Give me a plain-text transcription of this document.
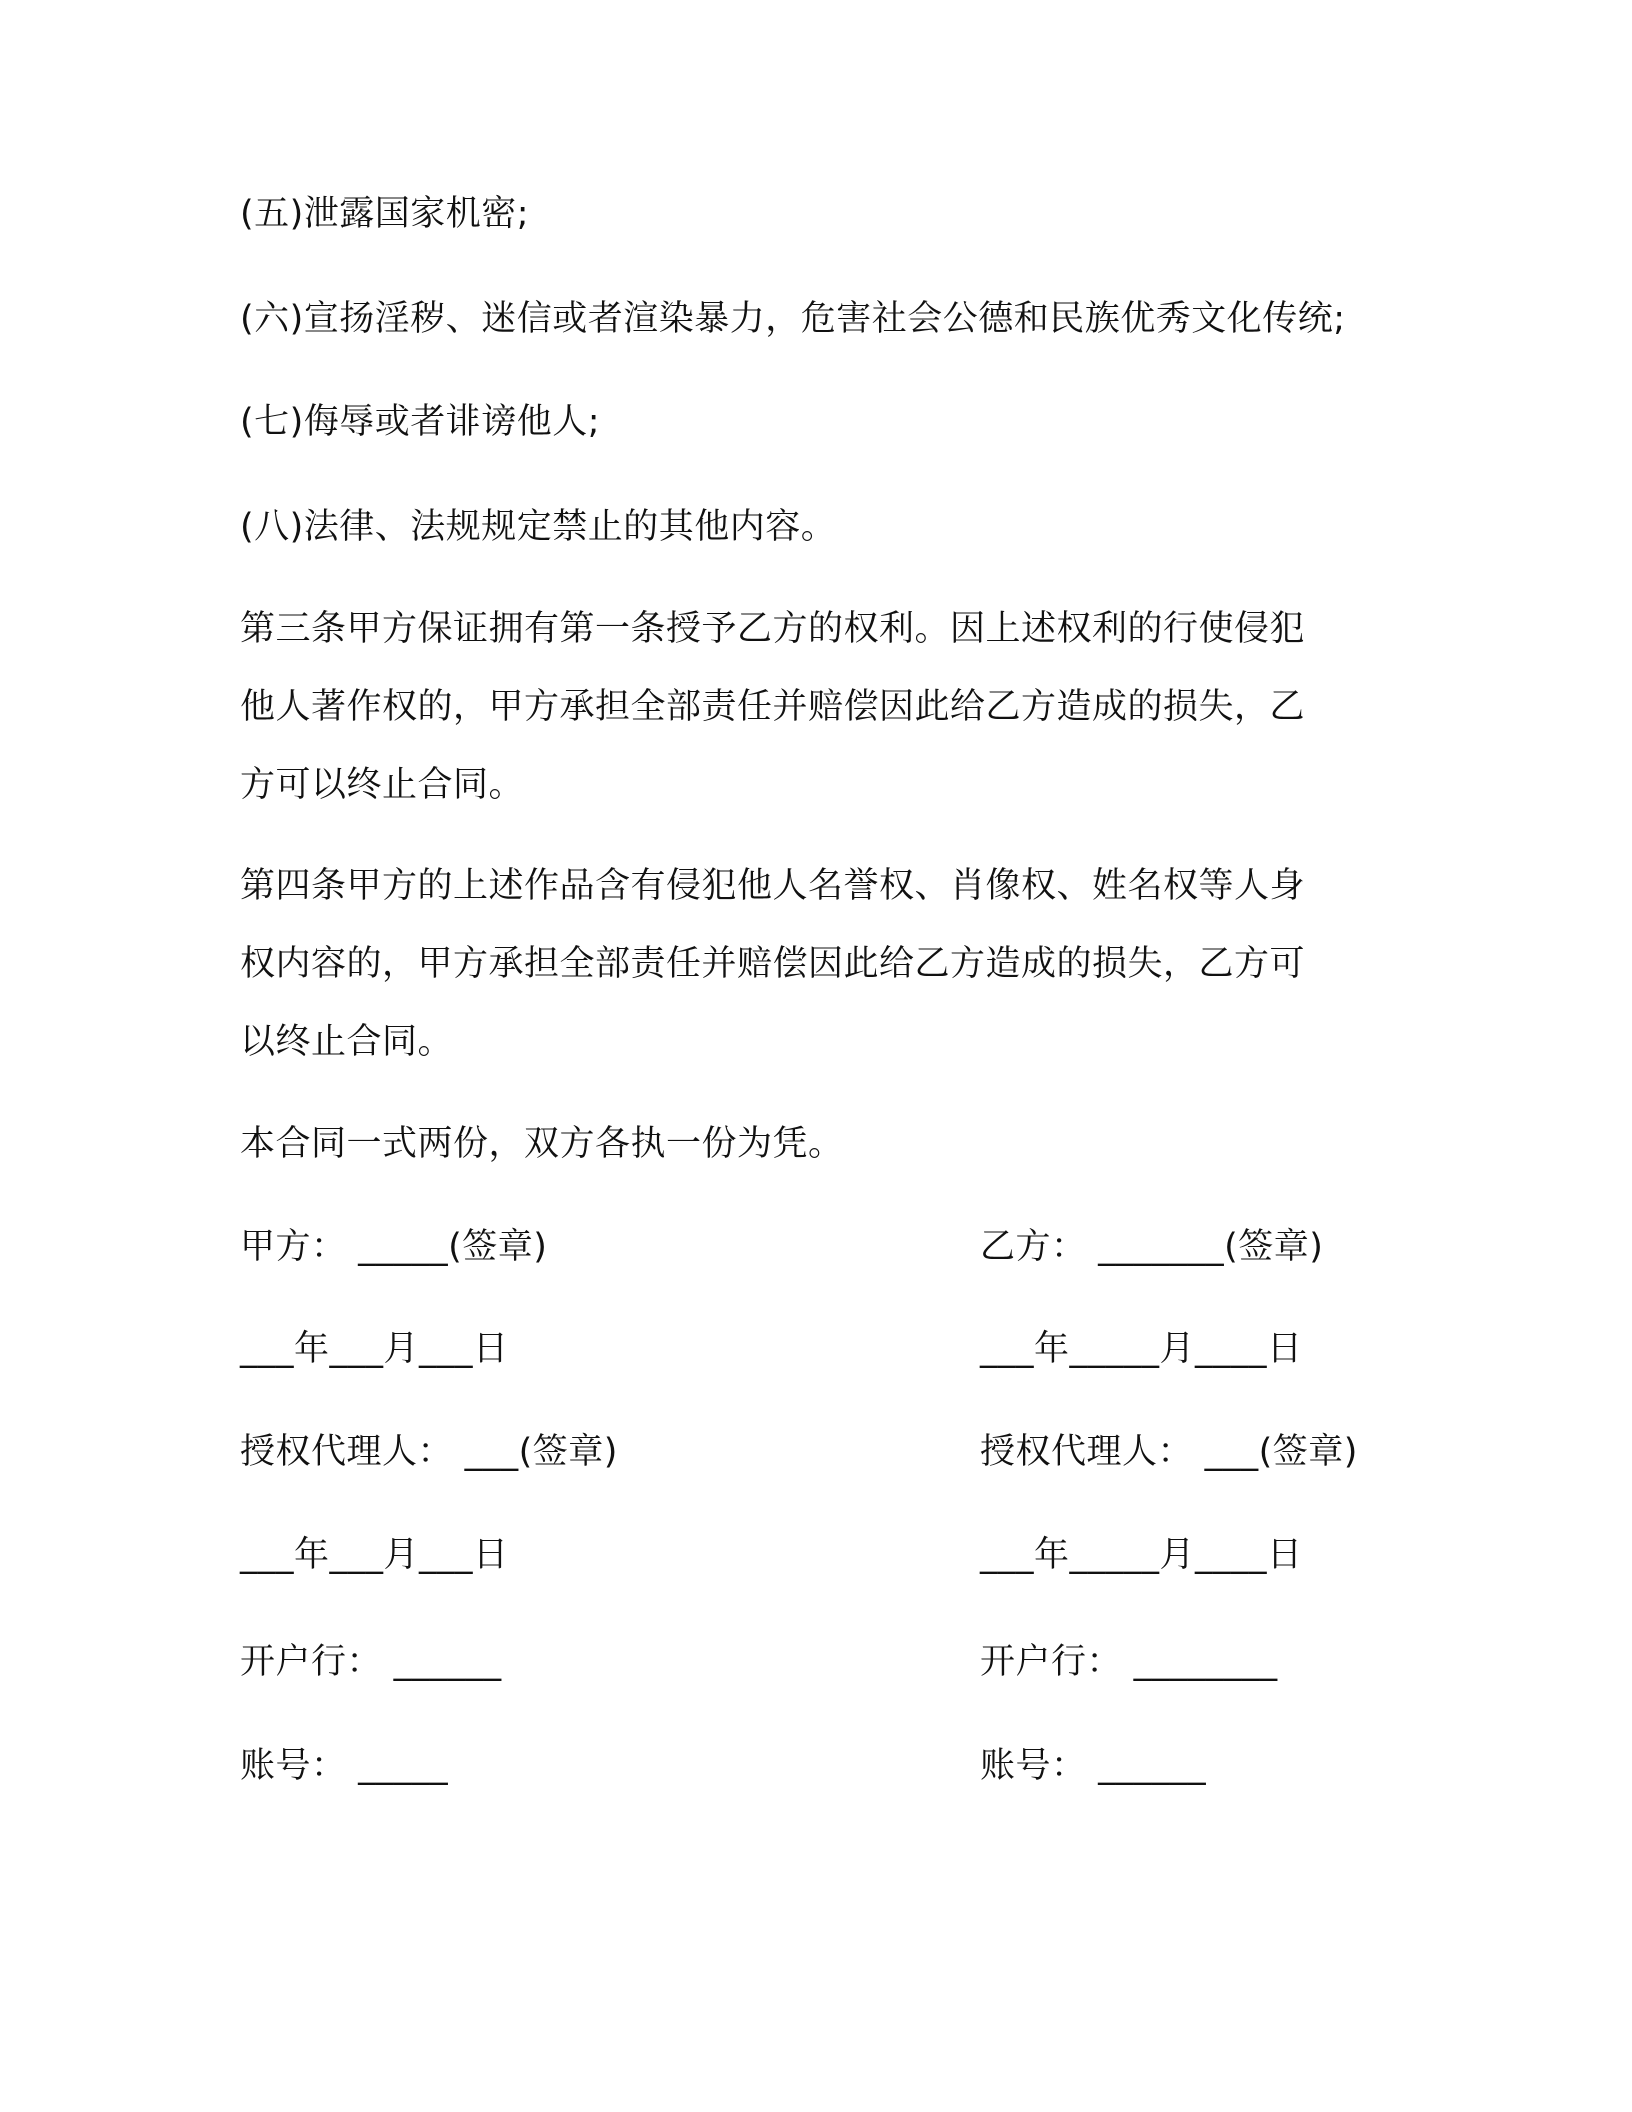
(五)泄露国家机密;
(六)宣扬淫秽、迷信或者渲染暴力，危害社会公德和民族优秀文化传统;
(七)侮辱或者诽谤他人;
(八)法律、法规规定禁止的其他内容。
第三条甲方保证拥有第一条授予乙方的权利。因上述权利的行使侵犯
他人著作权的，甲方承担全部责任并赔偿因此给乙方造成的损失，乙
方可以终止合同。
第四条甲方的上述作品含有侵犯他人名誉权、肖像权、姓名权等人身
权内容的，甲方承担全部责任并赔偿因此给乙方造成的损失，乙方可
以终止合同。
本合同一式两份，双方各执一份为凭。
甲方： _____(签章)	乙方： _______(签章)
___年___月___日	___年_____月____日
授权代理人： ___(签章)	授权代理人： ___(签章)
___年___月___日	___年_____月____日
开户行： ______	开户行： ________
账号： _____	账号： ______
